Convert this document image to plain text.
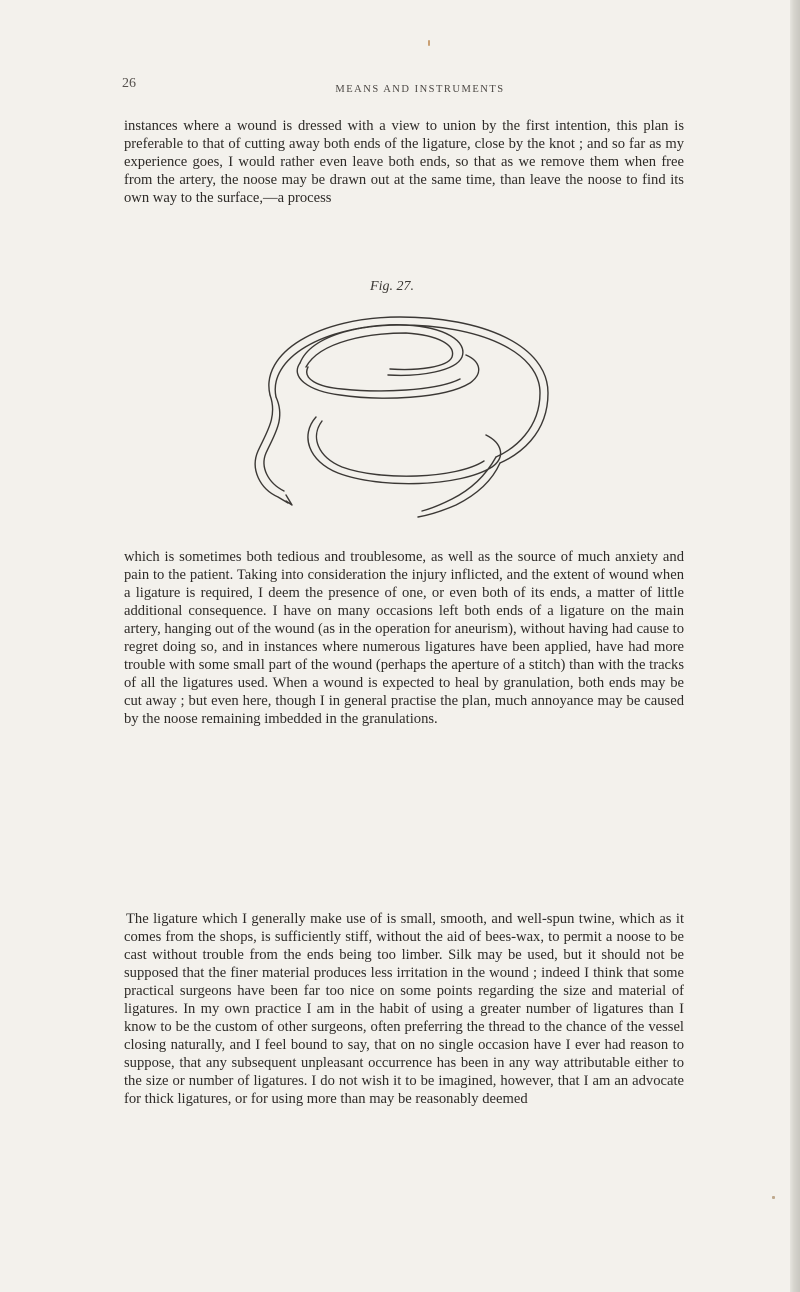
26	MEANS AND INSTRUMENTS

instances where a wound is dressed with a view to union by the first intention, this plan is preferable to that of cutting away both ends of the ligature, close by the knot ; and so far as my experience goes, I would rather even leave both ends, so that as we remove them when free from the artery, the noose may be drawn out at the same time, than leave the noose to find its own way to the surface,—a process

Fig. 27.

which is sometimes both tedious and troublesome, as well as the source of much anxiety and pain to the patient. Taking into consideration the injury inflicted, and the extent of wound when a ligature is required, I deem the presence of one, or even both of its ends, a matter of little additional consequence. I have on many occasions left both ends of a ligature on the main artery, hanging out of the wound (as in the operation for aneurism), without having had cause to regret doing so, and in instances where numerous ligatures have been applied, have had more trouble with some small part of the wound (perhaps the aperture of a stitch) than with the tracks of all the ligatures used. When a wound is expected to heal by granulation, both ends may be cut away ; but even here, though I in general practise the plan, much annoyance may be caused by the noose remaining imbedded in the granulations.

The ligature which I generally make use of is small, smooth, and well-spun twine, which as it comes from the shops, is sufficiently stiff, without the aid of bees-wax, to permit a noose to be cast without trouble from the ends being too limber. Silk may be used, but it should not be supposed that the finer material produces less irritation in the wound ; indeed I think that some practical surgeons have been far too nice on some points regarding the size and material of ligatures. In my own practice I am in the habit of using a greater number of ligatures than I know to be the custom of other surgeons, often preferring the thread to the chance of the vessel closing naturally, and I feel bound to say, that on no single occasion have I ever had reason to suppose, that any subsequent unpleasant occurrence has been in any way attributable either to the size or number of ligatures. I do not wish it to be imagined, however, that I am an advocate for thick ligatures, or for using more than may be reasonably deemed
